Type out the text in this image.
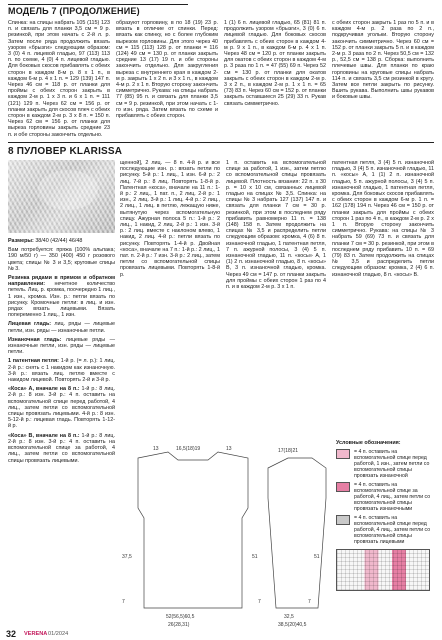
МОДЕЛЬ 7 (ПРОДОЛЖЕНИЕ)

Спинка: на спицы набрать 105 (115) 123 п. и связать для планки 3,5 см = 9 р. резинкой, при этом начать с 2-й л. р. Затем после ряда продолжить вязать узором «брызги» следующим образом: 3 (0) 4 п. лицевой гладью, 97 (113) 113 п. по схеме, 4 (0) 4 п. лицевой гладью. Для боковых скосов прибавлять с обеих сторон в каждом 8-м р. 8 х 1 п., в каждом 6-м р. 4 х 1 п. = 129 (139) 147 п. Через 46 см = 118 р. от планки для проймы с обеих сторон закрыть в каждом 2-м р. 1 х 3 п. и 6 х 1 п. = 111 (121) 129 п. Через 62 см = 156 р. от планки закрыть для скосов плеч с обеих сторон в каждом 2-м р. 3 х 8 п. = 150 п. Через 62 см = 156 р. от планки для выреза горловины закрыть средние 23 п. и обе стороны закончить отдельно.

образуют горловину, в по 18 (19) 23 р. вязать в отличие от спинки. Перед: вязать как спинку, но с более глубоким вырезом горловины. Для этого через 40 см = 115 (113) 128 р. от планки = 116 (124) 49 см = 130 р. от планки закрыть средние 13 (17) 19 п. и обе стороны закончить отдельно. Для закругления выреза с внутреннего края в каждом 2-м р. закрыть 1 х 2 п. и 3 х 1 п., в каждом 4-м р. 2 х 1 п. Вторую сторону закончить симметрично. Рукава: на спицы набрать 77 (85) 95 п. и связать для планки 3,5 см = 9 р. резинкой, при этом начать с 1-го изн. ряда. Затем вязать по схеме и прибавлять с обеих сторон.

1 (1) 6 п. лицевой гладью, 65 (81) 81 п. продолжить узором «брызги», 3 (0) 6 п. лицевой гладью. Для боковых скосов прибавлять с обеих сторон в каждом 4-м р. 9 х 1 п., в каждом 6-м р. 4 х 1 п. Через 48 см = 120 р. от планки закрыть для окатов с обеих сторон в каждом 4-м р. 3 раза по 1 п. = 47 (55) 69 п. Через 52 см = 130 р. от планки для окатов закрыть с обеих сторон в каждом 2-м р. 3 х 2 п., в каждом 2-м р. 1 х 1 п. = 65 (73) 83 п. Через 60 см = 152 р. от планки закрыть оставшиеся 25 (29) 33 п. Рукав связать симметрично.

с обеих сторон закрыть 1 раз по 5 п. и в каждом 4-м р. 2 раза по 2 п., подкручивая угольки. Вторую сторону закончить симметрично. Через 60 см = 152 р. от планки закрыть 5 п. и в каждом 2-м р. 3 раза по 2 п. Через 50,5 см = 132 р., 52,5 см = 138 р. Сборка: выполнить плечевые швы. Для планки по краю горловины на круговые спицы набрать 114 п. и связать 3,5 см резинкой в кругу. Затем все петли закрыть по рисунку. Вшить рукава. Выполнить швы рукавов и боковые швы.

8 ПУЛОВЕР KLARISSA

Размеры: 38/40 (42/44) 46/48

Вам потребуется: пряжа (100% альпака; 190 м/50 г) — 350 (400) 450 г розового цвета; спицы № 3 и 3,5; круговые спицы № 3.

Резинка рядами в прямом и обратном направлении: нечетное количество петель. Лиц. р. кромка, поочередно 1 лиц., 1 изн., кромка. Изн. р.: петли вязать по рисунку. Кромочные петли: в лиц. и изн. рядах вязать лицевыми. Вязать попеременно 1 лиц., 1 изн.

Лицевая гладь: лиц. ряды — лицевые петли, изн. ряды — изнаночные петли.

Изнаночная гладь: лицевые ряды — изнаночные петли, изн. ряды — лицевые петли.

1 патентная петля: 1-й р. (= л. р.): 1 лиц. 2-й р.: снять с 1 накидом как изнаночную. 3-й р.: вязать лиц. петлю вместе с накидом лицевой. Повторять 2-й и 3-й р.

«Коса» А, вначале на 8 п.: 1-й р.: 8 лиц. 2-й р.: 8 изн. 3-й р.: 4 п. оставить на вспомогательной спице перед работой, 4 лиц., затем петли со вспомогательной спицы провязать лицевыми. 4-й р.: 8 изн. 5-12-й р.: лицевая гладь. Повторять 1-12-й р.

«Коса» В, вначале на 8 п.: 1-й р.: 8 лиц. 2-й р.: 8 изн. 3-й р.: 4 п. оставить на вспомогательной спице за работой, 4 лиц., затем петли со вспомогательной спицы провязать лицевыми.

щенной], 2 лиц. — 8 п. 4-й р. и все последующие изн. р.: вязать петли по рисунку. 5-й р.: 1 лиц., 1 изн. 6-й р.: 2 лиц. 7-й р.: 8 лиц. Повторять 1-8-й р. Патентная «коса», вначале на 11 п.: 1-й р.: 2 лиц., 1 пат. п., 2 лиц. 2-й р.: 1 изн., 2 лиц. 3-й р.: 1 лиц. 4-й р.: 2 лиц., 2 лиц., 1 лиц. в петлю, лежащую ниже, вытянутую через вспомогательную спицу. Ажурная полоса 5 п.: 1-й р.: 2 лиц., 1 накид, 2 лиц. 2-й р.: 1 изн. 3-й р.: 2 лиц. вместе с наклоном влево, 1 накид, 2 лиц. 4-й р.: петли вязать по рисунку. Повторять 1-4-й р. Двойная «коса», вначале на 7 п.: 1-й р.: 2 лиц., 1 пат. п. 2-й р.: 7 изн. 3-й р.: 2 лиц., затем петли со вспомогательной спицы провязать лицевыми. Повторять 1-8-й р.

1 п. оставить на вспомогательной спице за работой, 1 изн., затем петлю со вспомогательной спицы провязать лицевой. Плотность вязания: 22 п. х 30 р. = 10 х 10 см, связанных лицевой гладью на спицах № 3,5. Спинка: на спицы № 3 набрать 127 (137) 147 п. и связать для планки 7 см = 30 р. резинкой, при этом в последнем ряду прибавить равномерно 11 п. = 138 (148) 158 п. Затем продолжить на спицах № 3,5 и распределить петли следующим образом: кромка, 4 (6) 8 п. изнаночной гладью, 1 патентная петля, 7 п. ажурной полосы, 3 (4) 5 п. изнаночной гладью, 11 п. «косы» А, 1 (1) 2 п. изнаночной гладью, 8 п. «косы» В, 3 п. изнаночной гладью, кромка. Через 49 см = 147 р. от планки закрыть для проймы с обеих сторон 1 раз по 4 п. и в каждом 2-м р. 3 х 1 п.

патентная петля, 3 (4) 5 п. изнаночной гладью, 3 (4) 5 п. изнаночной гладью, 11 п. «косы» А, 1 (1) 2 п. изнаночной гладью, 5 п. ажурной полосы, 3 (4) 5 п. изнаночной гладью, 1 патентная петля, кромка. Для боковых скосов прибавлять с обеих сторон в каждом 6-м р. 1 п. = 162 (178) 194 п. Через 46 см = 150 р. от планки закрыть для проймы с обеих сторон 1 раз по 4 п., в каждом 2-м р. 2 х 1 п. Вторую сторону закончить симметрично. Рукава: на спицы № 3 набрать 59 (69) 73 п. и связать для планки 7 см = 30 р. резинкой, при этом в последнем ряду прибавить 10 п. = 69 (79) 83 п. Затем продолжить на спицах № 3,5 и распределить петли следующим образом: кромка, 2 (4) 6 п. изнаночной гладью, 8 п. «косы» В.

13	16,5(18)19	13
51
52(56,5)60,5
7
37,5
7
26(28,31)
17(18)21
51
32,5
7
38,5(20)40,5

Условные обозначения:

= 4 п. оставить на вспомогательной спице перед работой, 1 изн., затем петли со вспомогательной спицы провязать изнаночной
= 4 п. оставить на вспомогательной спице за работой, 4 лиц., затем петли со вспомогательной спицы провязать изнаночными
= 4 п. оставить на вспомогательной спице перед работой, 4 лиц., затем петли со вспомогательной спицы провязать лицевыми
32 VERENA 01/2024
